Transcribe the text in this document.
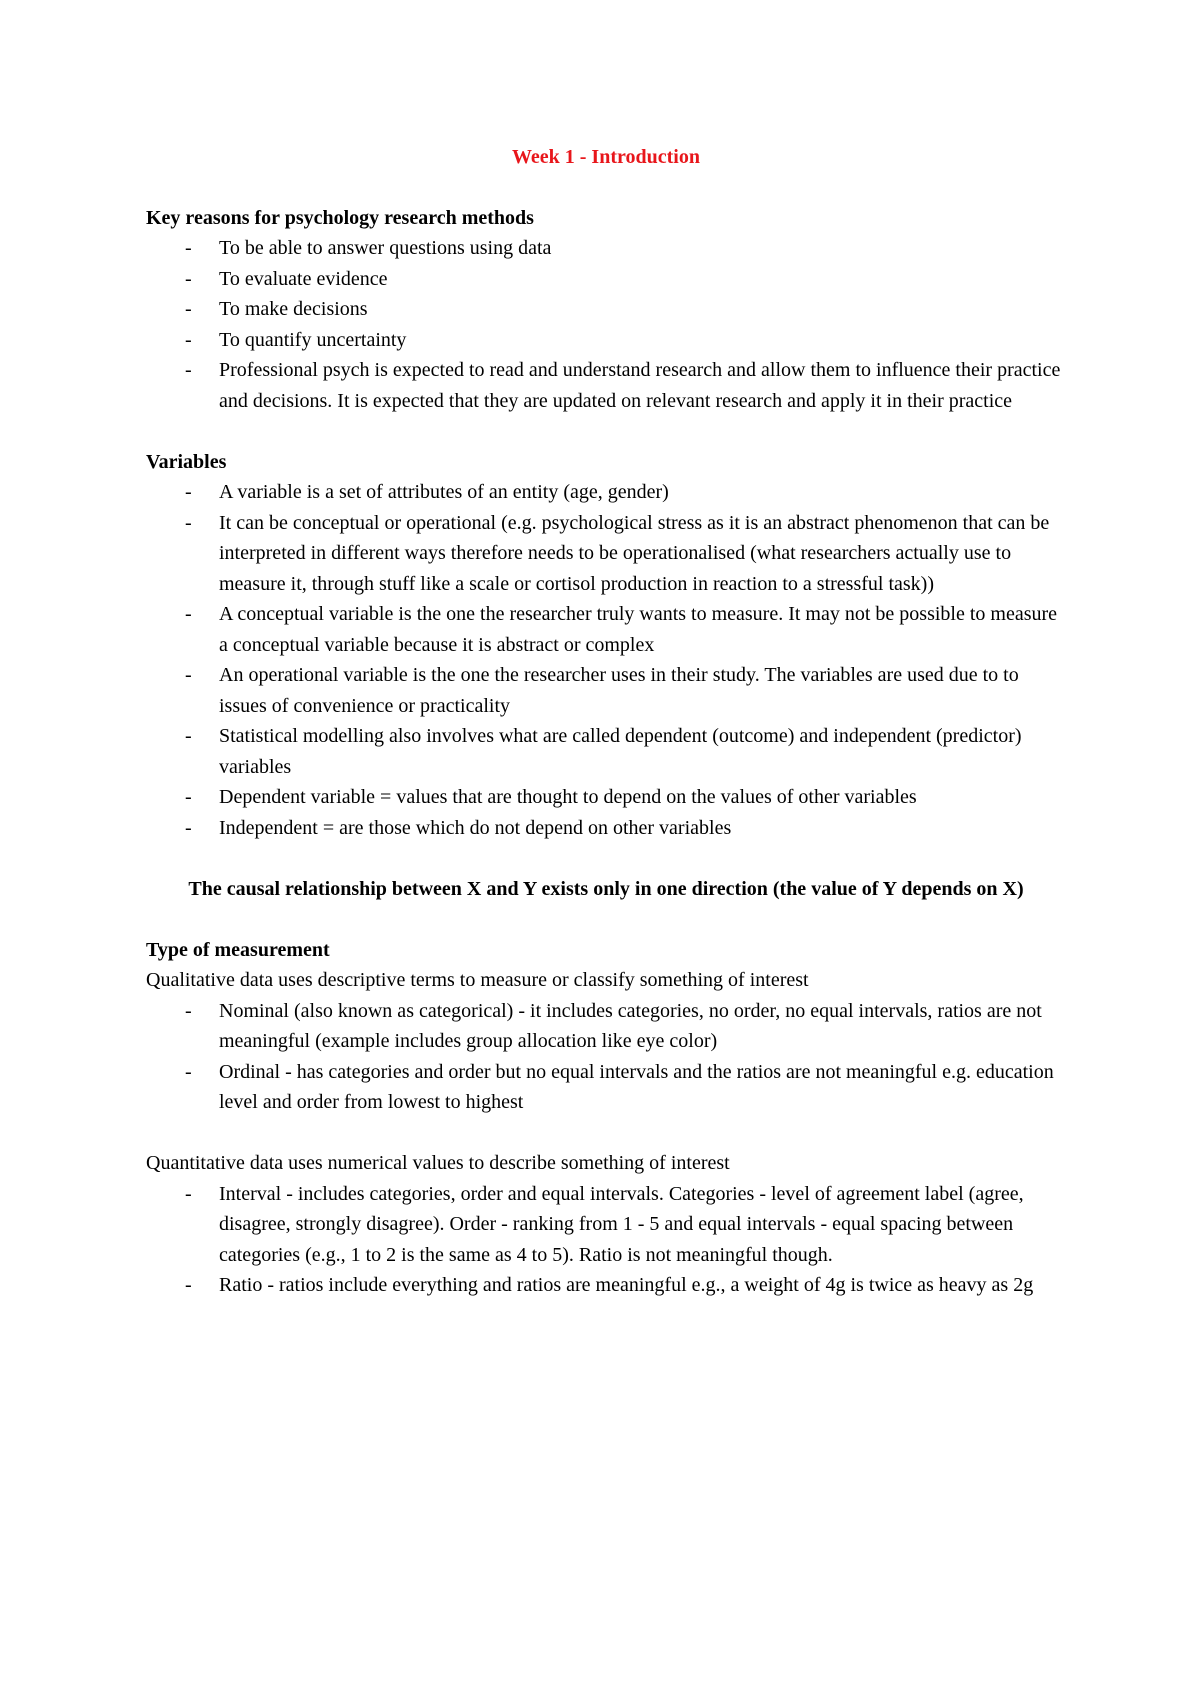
Week 1 - Introduction

Key reasons for psychology research methods

- To be able to answer questions using data
- To evaluate evidence
- To make decisions
- To quantify uncertainty
- Professional psych is expected to read and understand research and allow them to influence their practice and decisions. It is expected that they are updated on relevant research and apply it in their practice

Variables

- A variable is a set of attributes of an entity (age, gender)
- It can be conceptual or operational (e.g. psychological stress as it is an abstract phenomenon that can be interpreted in different ways therefore needs to be operationalised (what researchers actually use to measure it, through stuff like a scale or cortisol production in reaction to a stressful task))
- A conceptual variable is the one the researcher truly wants to measure. It may not be possible to measure a conceptual variable because it is abstract or complex
- An operational variable is the one the researcher uses in their study. The variables are used due to to issues of convenience or practicality
- Statistical modelling also involves what are called dependent (outcome) and independent (predictor) variables
- Dependent variable = values that are thought to depend on the values of other variables
- Independent = are those which do not depend on other variables

The causal relationship between X and Y exists only in one direction (the value of Y depends on X)

Type of measurement

Qualitative data uses descriptive terms to measure or classify something of interest

- Nominal (also known as categorical) - it includes categories, no order, no equal intervals, ratios are not meaningful (example includes group allocation like eye color)
- Ordinal - has categories and order but no equal intervals and the ratios are not meaningful e.g. education level and order from lowest to highest

Quantitative data uses numerical values to describe something of interest

- Interval - includes categories, order and equal intervals. Categories - level of agreement label (agree, disagree, strongly disagree). Order - ranking from 1 - 5 and equal intervals - equal spacing between categories (e.g., 1 to 2 is the same as 4 to 5). Ratio is not meaningful though.
- Ratio - ratios include everything and ratios are meaningful e.g., a weight of 4g is twice as heavy as 2g
